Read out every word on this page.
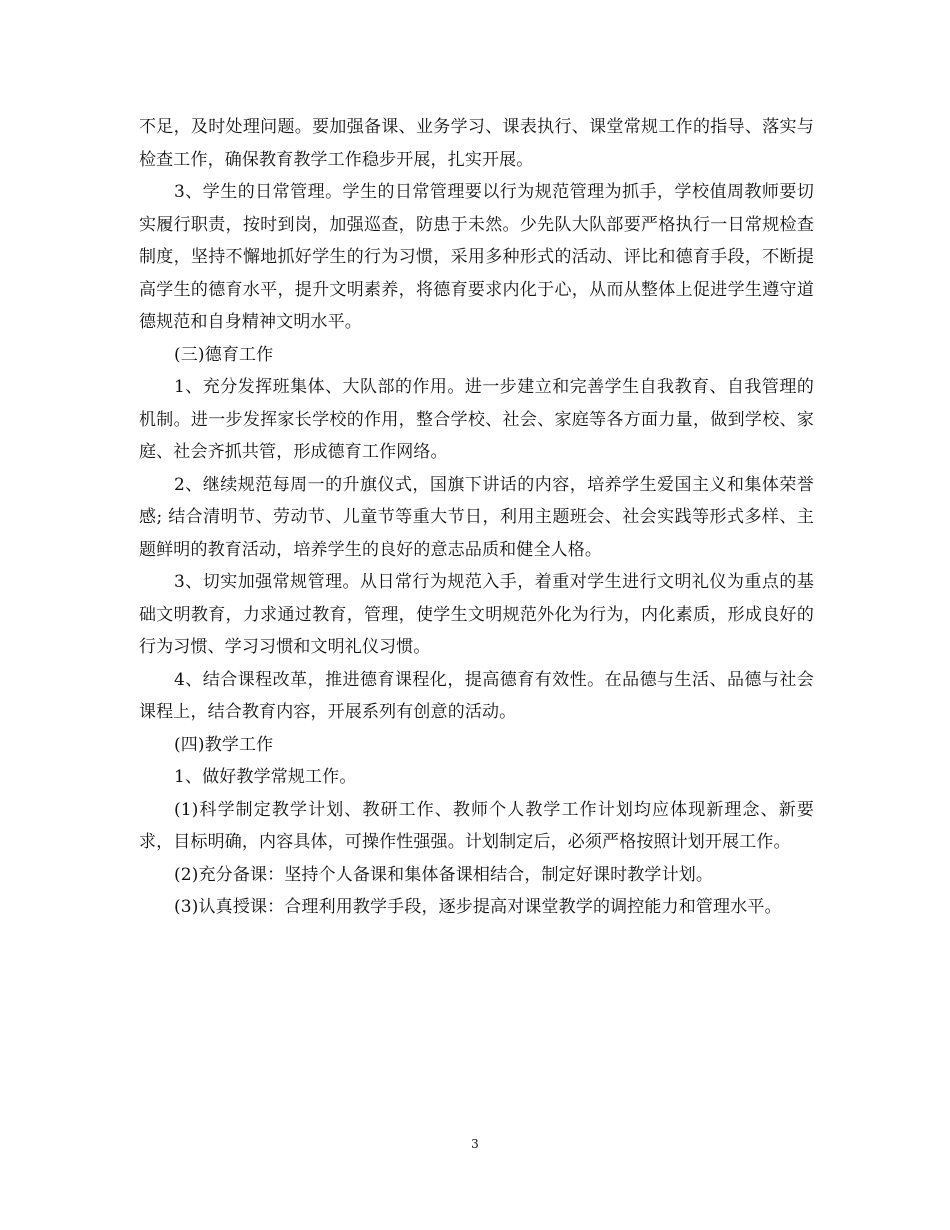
不足，及时处理问题。要加强备课、业务学习、课表执行、课堂常规工作的指导、落实与检查工作，确保教育教学工作稳步开展，扎实开展。

3、学生的日常管理。学生的日常管理要以行为规范管理为抓手，学校值周教师要切实履行职责，按时到岗，加强巡查，防患于未然。少先队大队部要严格执行一日常规检查制度，坚持不懈地抓好学生的行为习惯，采用多种形式的活动、评比和德育手段，不断提高学生的德育水平，提升文明素养，将德育要求内化于心，从而从整体上促进学生遵守道德规范和自身精神文明水平。

(三)德育工作

1、充分发挥班集体、大队部的作用。进一步建立和完善学生自我教育、自我管理的机制。进一步发挥家长学校的作用，整合学校、社会、家庭等各方面力量，做到学校、家庭、社会齐抓共管，形成德育工作网络。

2、继续规范每周一的升旗仪式，国旗下讲话的内容，培养学生爱国主义和集体荣誉感; 结合清明节、劳动节、儿童节等重大节日，利用主题班会、社会实践等形式多样、主题鲜明的教育活动，培养学生的良好的意志品质和健全人格。

3、切实加强常规管理。从日常行为规范入手，着重对学生进行文明礼仪为重点的基础文明教育，力求通过教育，管理，使学生文明规范外化为行为，内化素质，形成良好的行为习惯、学习习惯和文明礼仪习惯。

4、结合课程改革，推进德育课程化，提高德育有效性。在品德与生活、品德与社会课程上，结合教育内容，开展系列有创意的活动。

(四)教学工作

1、做好教学常规工作。

(1)科学制定教学计划、教研工作、教师个人教学工作计划均应体现新理念、新要求，目标明确，内容具体，可操作性强强。计划制定后，必须严格按照计划开展工作。

(2)充分备课：坚持个人备课和集体备课相结合，制定好课时教学计划。

(3)认真授课：合理利用教学手段，逐步提高对课堂教学的调控能力和管理水平。

3
